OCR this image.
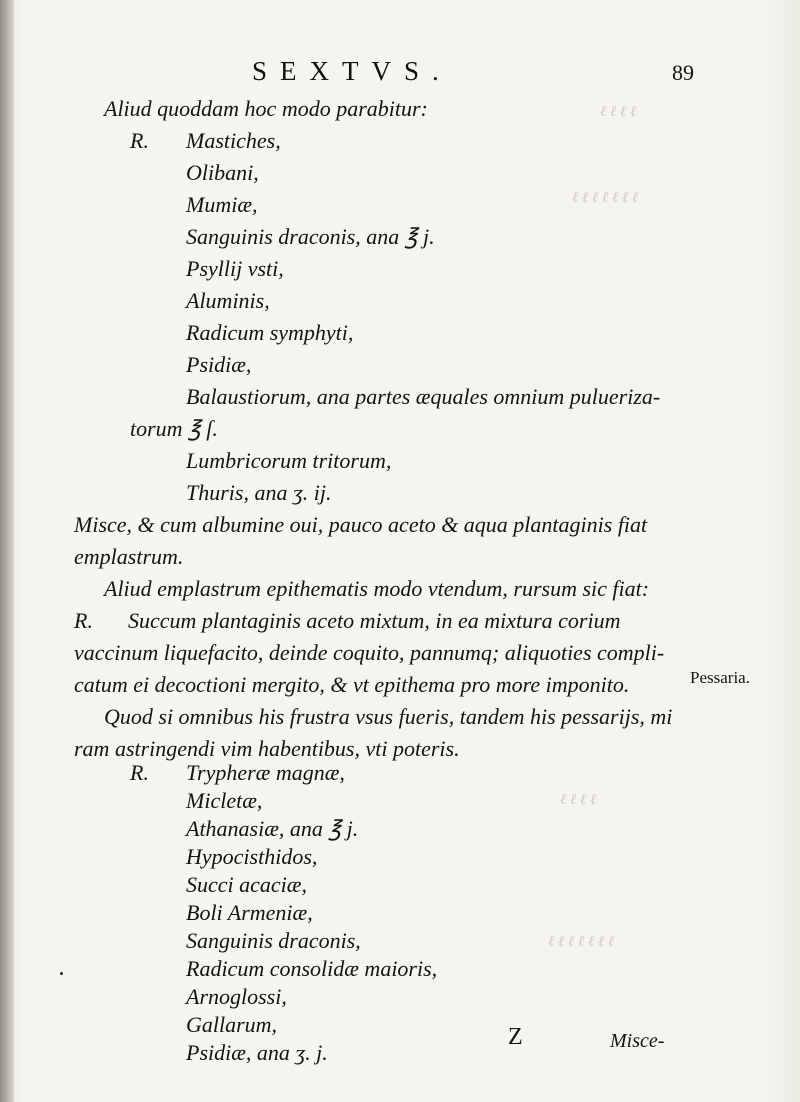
ℓ ℓ ℓ ℓ
ℓ ℓ ℓ ℓ ℓ ℓ ℓ
ℓ ℓ ℓ ℓ
ℓ ℓ ℓ ℓ ℓ ℓ ℓ
SEXTVS.	89
Aliud quoddam hoc modo parabitur:
R. Mastiches,
Olibani,
Mumiæ,
Sanguinis draconis, ana ℥ j.
Psyllij vsti,
Aluminis,
Radicum symphyti,
Psidiæ,
Balaustiorum, ana partes æquales omnium pulueriza-
torum ℥ ſ.
Lumbricorum tritorum,
Thuris, ana ʒ. ij.
Misce, & cum albumine oui, pauco aceto & aqua plantaginis fiat
emplastrum.
Aliud emplastrum epithematis modo vtendum, rursum sic fiat:
R. Succum plantaginis aceto mixtum, in ea mixtura corium
vaccinum liquefacito, deinde coquito, pannumq; aliquoties compli-
catum ei decoctioni mergito, & vt epithema pro more imponito.
Quod si omnibus his frustra vsus fueris, tandem his pessarijs, mi
ram astringendi vim habentibus, vti poteris.
R. Trypheræ magnæ,
Micletæ,
Athanasiæ, ana ℥ j.
Hypocisthidos,
Succi acaciæ,
Boli Armeniæ,
Sanguinis draconis,
Radicum consolidæ maioris,
Arnoglossi,
Gallarum,
Psidiæ, ana ʒ. j.
Pessaria.
Z	Misce-
